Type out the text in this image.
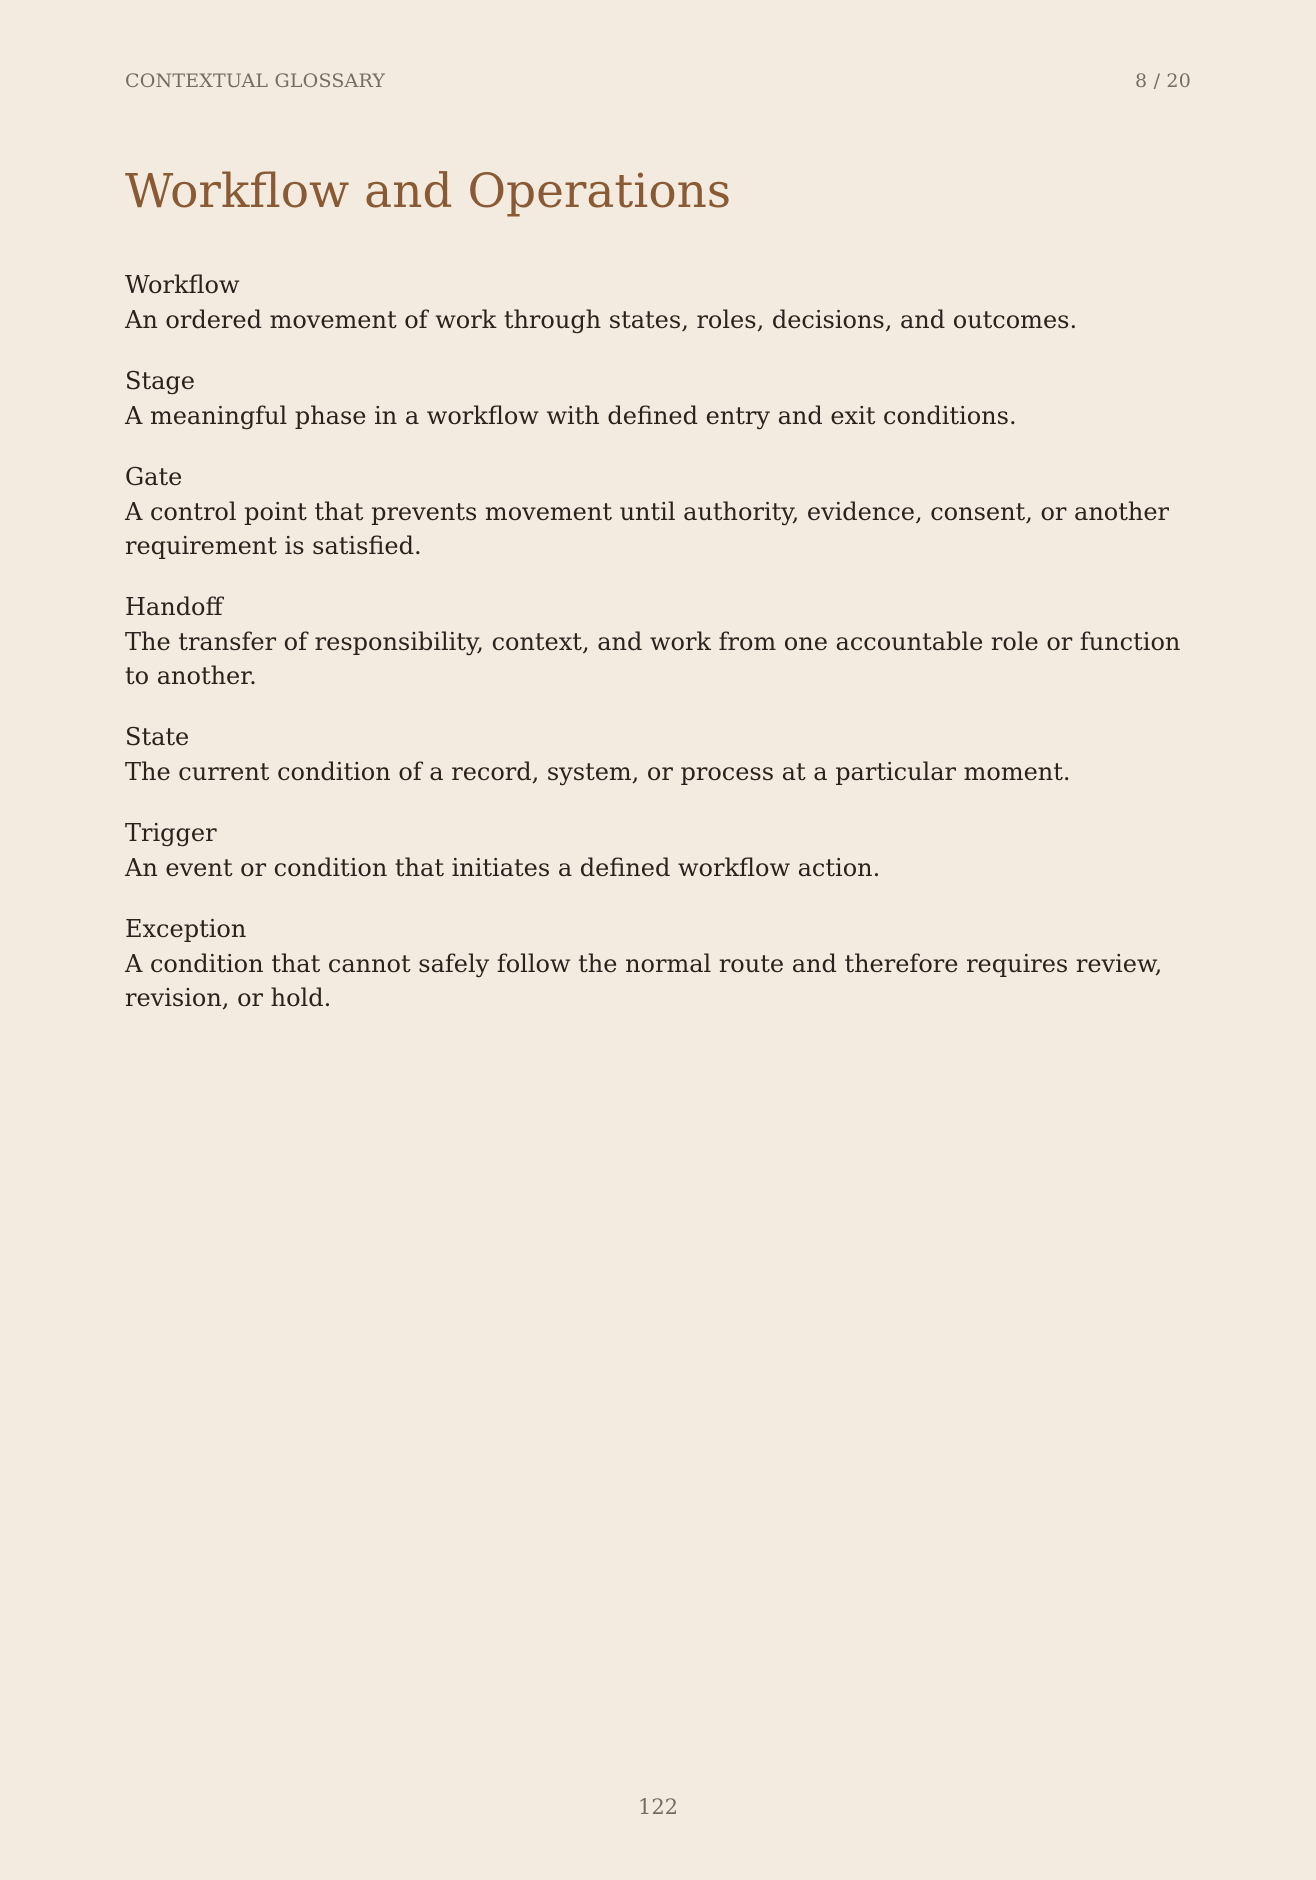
CONTEXTUAL GLOSSARY	8 / 20
Workflow and Operations
Workflow
An ordered movement of work through states, roles, decisions, and outcomes.
Stage
A meaningful phase in a workflow with defined entry and exit conditions.
Gate
A control point that prevents movement until authority, evidence, consent, or another requirement is satisfied.
Handoff
The transfer of responsibility, context, and work from one accountable role or function to another.
State
The current condition of a record, system, or process at a particular moment.
Trigger
An event or condition that initiates a defined workflow action.
Exception
A condition that cannot safely follow the normal route and therefore requires review, revision, or hold.
122
